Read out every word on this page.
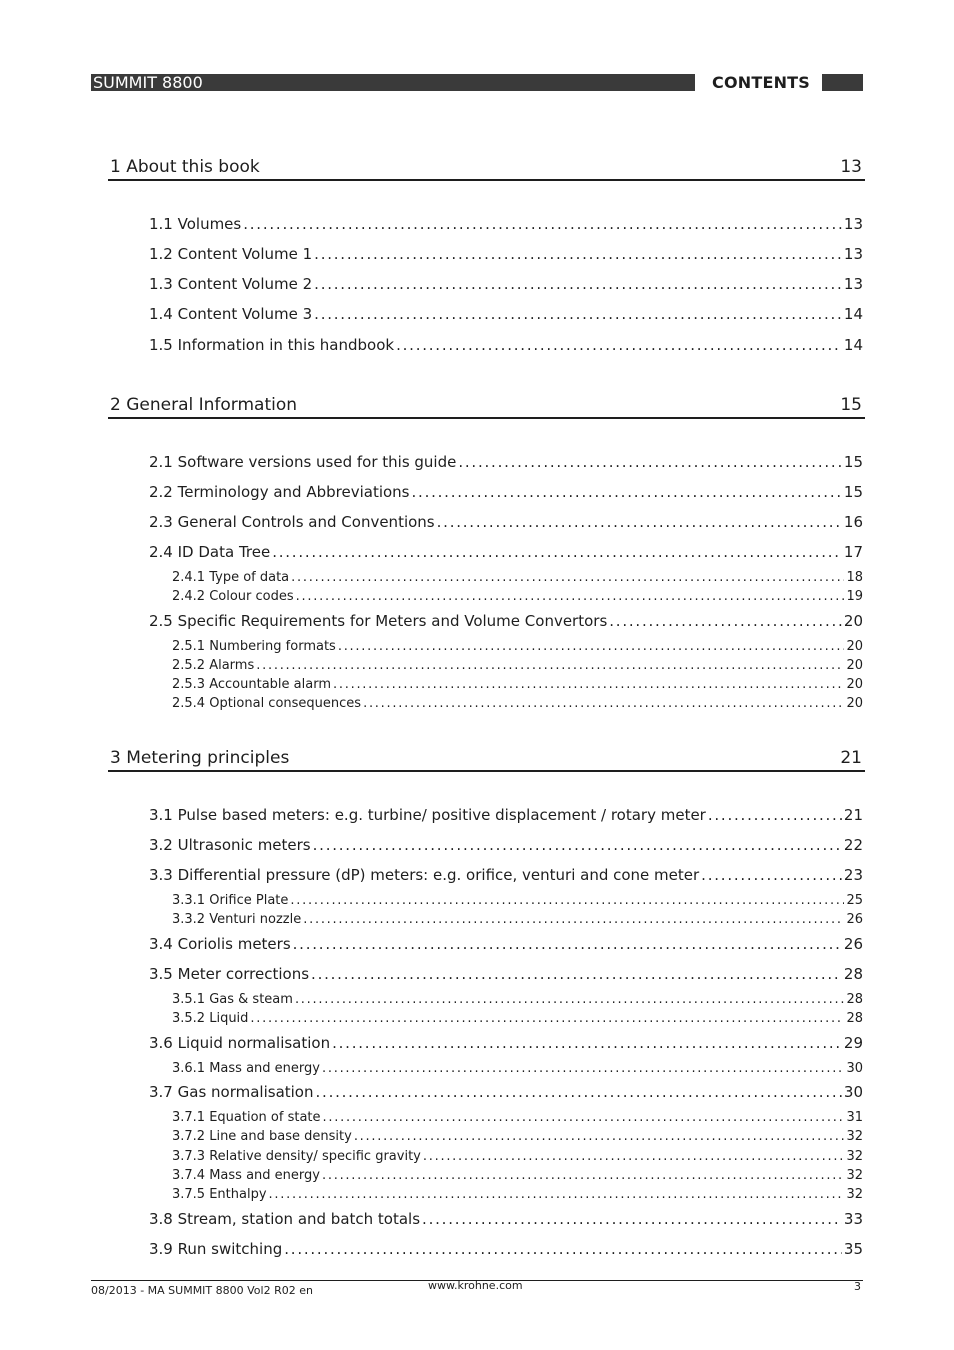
SUMMIT 8800	CONTENTS
1 About this book	13
1.1 Volumes . . .	13
1.2 Content Volume 1 . . .	13
1.3 Content Volume 2 . . .	13
1.4 Content Volume 3 . . .	14
1.5 Information in this handbook . . .	14
2 General Information	15
2.1 Software versions used for this guide . . .	15
2.2 Terminology and Abbreviations . . .	15
2.3 General Controls and Conventions . . .	16
2.4 ID Data Tree . . .	17
2.4.1 Type of data . . .	18
2.4.2 Colour codes . . .	19
2.5 Specific Requirements for Meters and Volume Convertors . . .	20
2.5.1 Numbering formats . . .	20
2.5.2 Alarms . . .	20
2.5.3 Accountable alarm . . .	20
2.5.4 Optional consequences . . .	20
3 Metering principles	21
3.1 Pulse based meters: e.g. turbine/ positive displacement / rotary meter . . .	21
3.2 Ultrasonic meters . . .	22
3.3 Differential pressure (dP) meters: e.g. orifice, venturi and cone meter . . .	23
3.3.1 Orifice Plate . . .	25
3.3.2 Venturi nozzle . . .	26
3.4 Coriolis meters . . .	26
3.5 Meter corrections . . .	28
3.5.1 Gas & steam . . .	28
3.5.2 Liquid . . .	28
3.6 Liquid normalisation . . .	29
3.6.1 Mass and energy . . .	30
3.7 Gas normalisation . . .	30
3.7.1 Equation of state . . .	31
3.7.2 Line and base density . . .	32
3.7.3 Relative density/ specific gravity . . .	32
3.7.4 Mass and energy . . .	32
3.7.5 Enthalpy . . .	32
3.8 Stream, station and batch totals . . .	33
3.9 Run switching . . .	35
08/2013 - MA SUMMIT 8800 Vol2 R02 en	www.krohne.com	3
